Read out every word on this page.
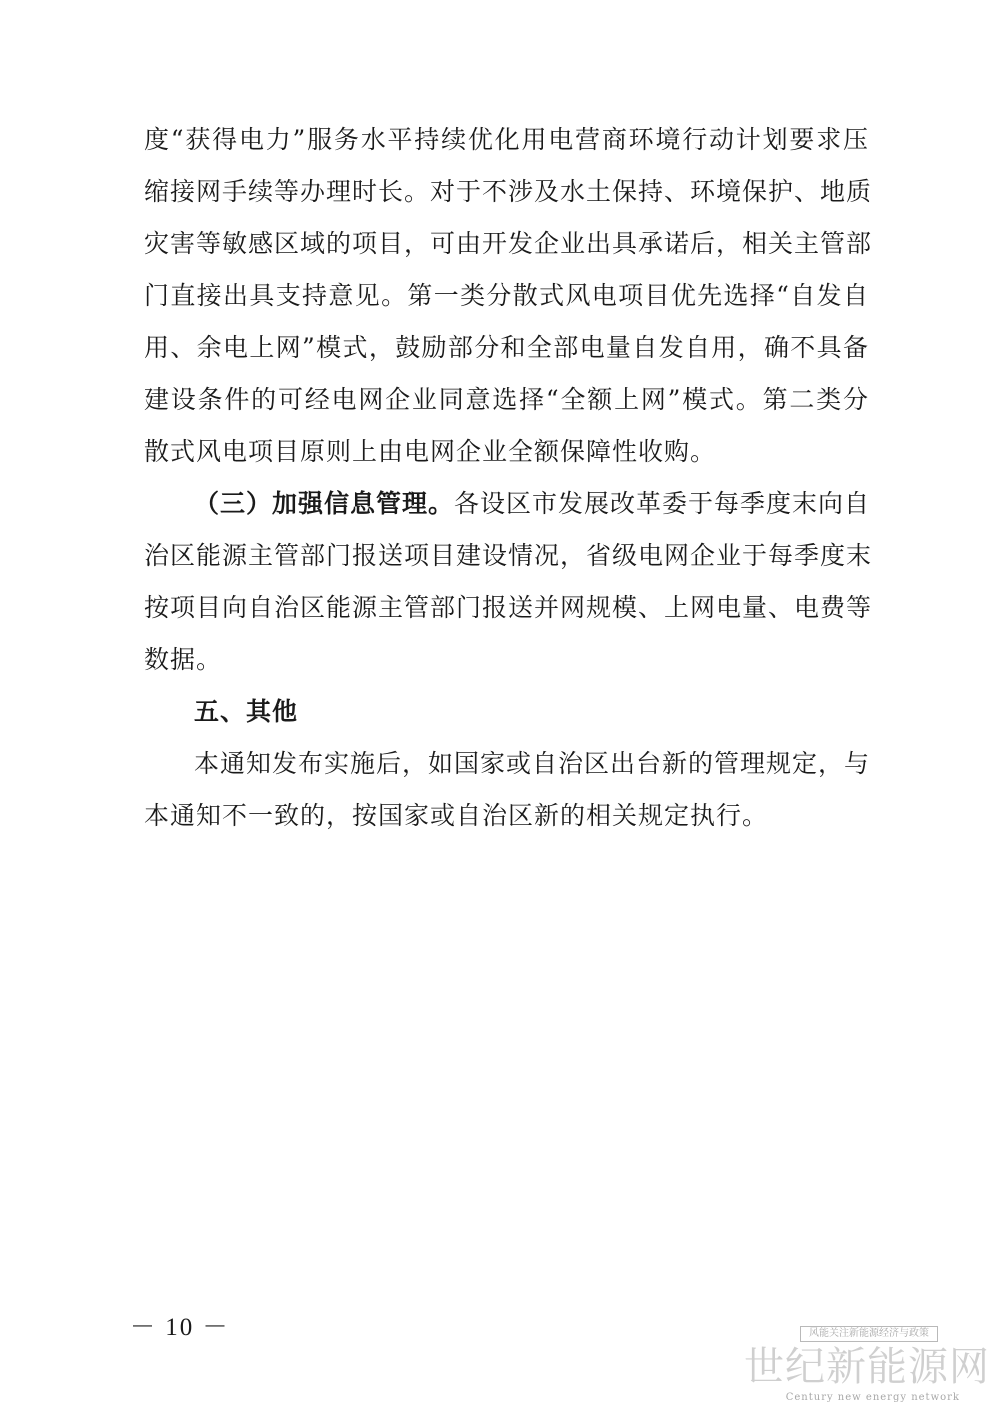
度“获得电力”服务水平持续优化用电营商环境行动计划要求压
缩接网手续等办理时长。对于不涉及水土保持、环境保护、地质
灾害等敏感区域的项目，可由开发企业出具承诺后，相关主管部
门直接出具支持意见。第一类分散式风电项目优先选择“自发自
用、余电上网”模式，鼓励部分和全部电量自发自用，确不具备
建设条件的可经电网企业同意选择“全额上网”模式。第二类分
散式风电项目原则上由电网企业全额保障性收购。
（三）加强信息管理。各设区市发展改革委于每季度末向自
治区能源主管部门报送项目建设情况，省级电网企业于每季度末
按项目向自治区能源主管部门报送并网规模、上网电量、电费等
数据。
五、其他
本通知发布实施后，如国家或自治区出台新的管理规定，与
本通知不一致的，按国家或自治区新的相关规定执行。
－ 10 －	风能关注新能源经济与政策
世纪新能源网
Century new energy network
